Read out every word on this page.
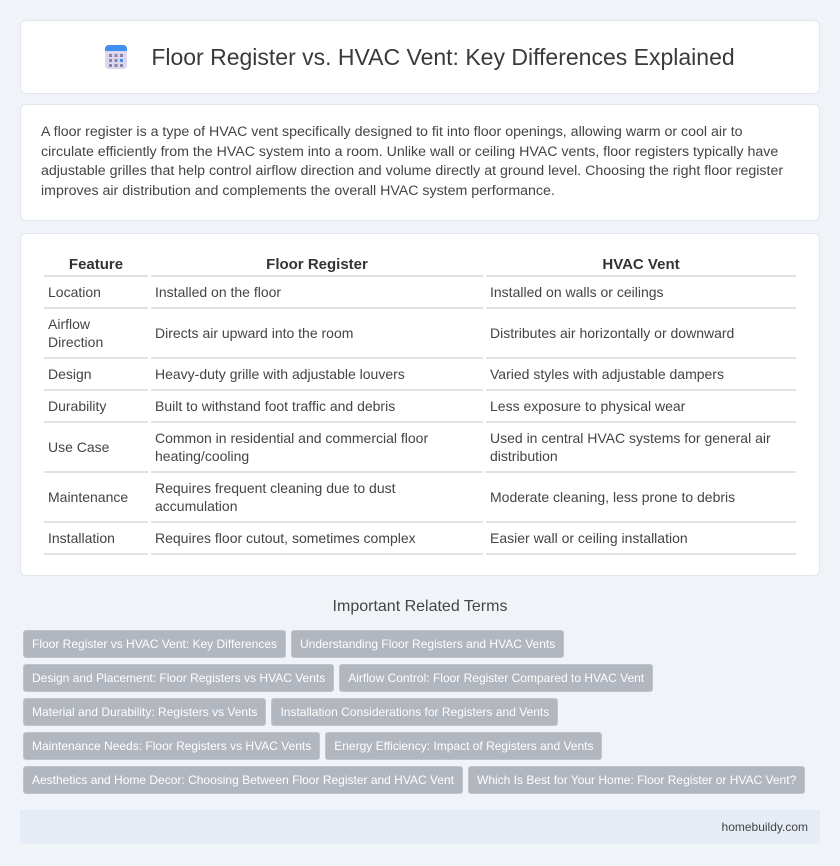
Floor Register vs. HVAC Vent: Key Differences Explained

A floor register is a type of HVAC vent specifically designed to fit into floor openings, allowing warm or cool air to circulate efficiently from the HVAC system into a room. Unlike wall or ceiling HVAC vents, floor registers typically have adjustable grilles that help control airflow direction and volume directly at ground level. Choosing the right floor register improves air distribution and complements the overall HVAC system performance.

Feature	Floor Register	HVAC Vent
Location	Installed on the floor	Installed on walls or ceilings
Airflow Direction	Directs air upward into the room	Distributes air horizontally or downward
Design	Heavy-duty grille with adjustable louvers	Varied styles with adjustable dampers
Durability	Built to withstand foot traffic and debris	Less exposure to physical wear
Use Case	Common in residential and commercial floor heating/cooling	Used in central HVAC systems for general air distribution
Maintenance	Requires frequent cleaning due to dust accumulation	Moderate cleaning, less prone to debris
Installation	Requires floor cutout, sometimes complex	Easier wall or ceiling installation
Important Related Terms
Floor Register vs HVAC Vent: Key Differences	Understanding Floor Registers and HVAC Vents
Design and Placement: Floor Registers vs HVAC Vents	Airflow Control: Floor Register Compared to HVAC Vent
Material and Durability: Registers vs Vents	Installation Considerations for Registers and Vents
Maintenance Needs: Floor Registers vs HVAC Vents	Energy Efficiency: Impact of Registers and Vents
Aesthetics and Home Decor: Choosing Between Floor Register and HVAC Vent	Which Is Best for Your Home: Floor Register or HVAC Vent?
homebuildy.com
